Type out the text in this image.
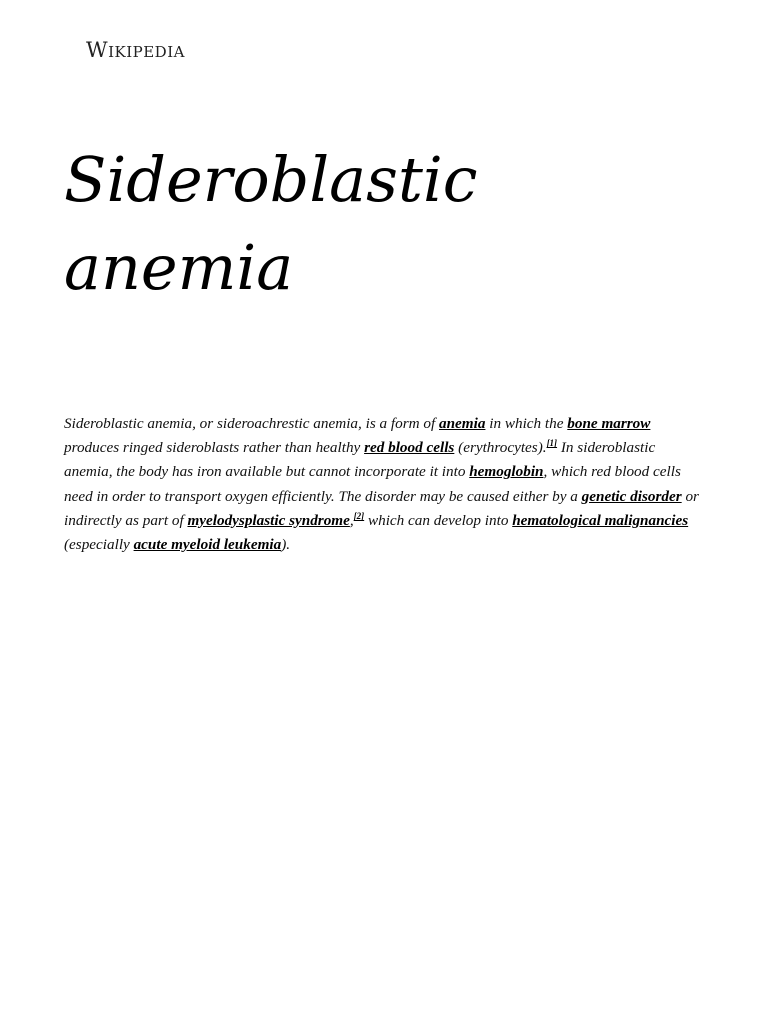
Wikipedia
Sideroblastic
anemia

Sideroblastic anemia, or sideroachrestic anemia, is a form of anemia in which the bone marrow produces ringed sideroblasts rather than healthy red blood cells (erythrocytes).[1] In sideroblastic anemia, the body has iron available but cannot incorporate it into hemoglobin, which red blood cells need in order to transport oxygen efficiently. The disorder may be caused either by a genetic disorder or indirectly as part of myelodysplastic syndrome,[2] which can develop into hematological malignancies (especially acute myeloid leukemia).
